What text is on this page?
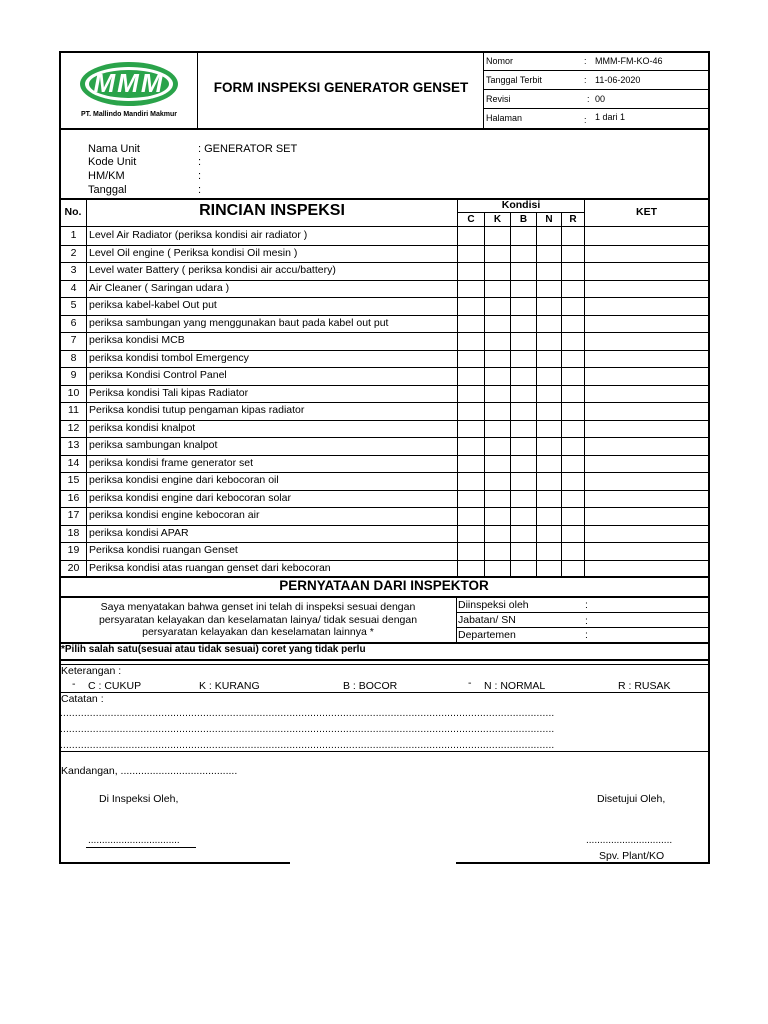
MMM
PT. Mallindo Mandiri Makmur
FORM INSPEKSI GENERATOR GENSET
Nomor	: MMM-FM-KO-46
Tanggal Terbit	: 11-06-2020
Revisi	: 00
Halaman	: 1 dari 1
Nama Unit	: GENERATOR SET
Kode Unit	:
HM/KM	:
Tanggal	:
No.	RINCIAN INSPEKSI	Kondisi
C	K	B	N	R
KET
1	Level Air Radiator (periksa kondisi air radiator )
2	Level Oil engine ( Periksa kondisi Oil mesin )
3	Level water Battery ( periksa kondisi air accu/battery)
4	Air Cleaner ( Saringan udara )
5	periksa kabel-kabel Out put
6	periksa sambungan yang menggunakan baut pada kabel out put
7	periksa kondisi MCB
8	periksa kondisi tombol Emergency
9	periksa Kondisi Control Panel
10 Periksa kondisi Tali kipas Radiator
11 Periksa kondisi tutup pengaman kipas radiator
12 periksa kondisi knalpot
13 periksa sambungan knalpot
14 periksa kondisi frame generator set
15 periksa kondisi engine dari kebocoran oil
16 periksa kondisi engine dari kebocoran solar
17 periksa kondisi engine kebocoran air
18 periksa kondisi APAR
19 Periksa kondisi ruangan Genset
20 Periksa kondisi atas ruangan genset dari kebocoran
PERNYATAAN DARI INSPEKTOR
Saya menyatakan bahwa genset ini telah di inspeksi sesuai dengan
persyaratan kelayakan dan keselamatan lainya/ tidak sesuai dengan
persyaratan kelayakan dan keselamatan lainnya *
Diinspeksi oleh	:
Jabatan/ SN	:
Departemen	:
*Pilih salah satu(sesuai atau tidak sesuai) coret yang tidak perlu
Keterangan :
- C : CUKUP	K : KURANG	B : BOCOR	- N : NORMAL	R : RUSAK
Catatan :
......................................................................................................................................................................
......................................................................................................................................................................
......................................................................................................................................................................
Kandangan, ........................................
Di Inspeksi Oleh,	Disetujui Oleh,
.................................	...............................
Spv. Plant/KO
